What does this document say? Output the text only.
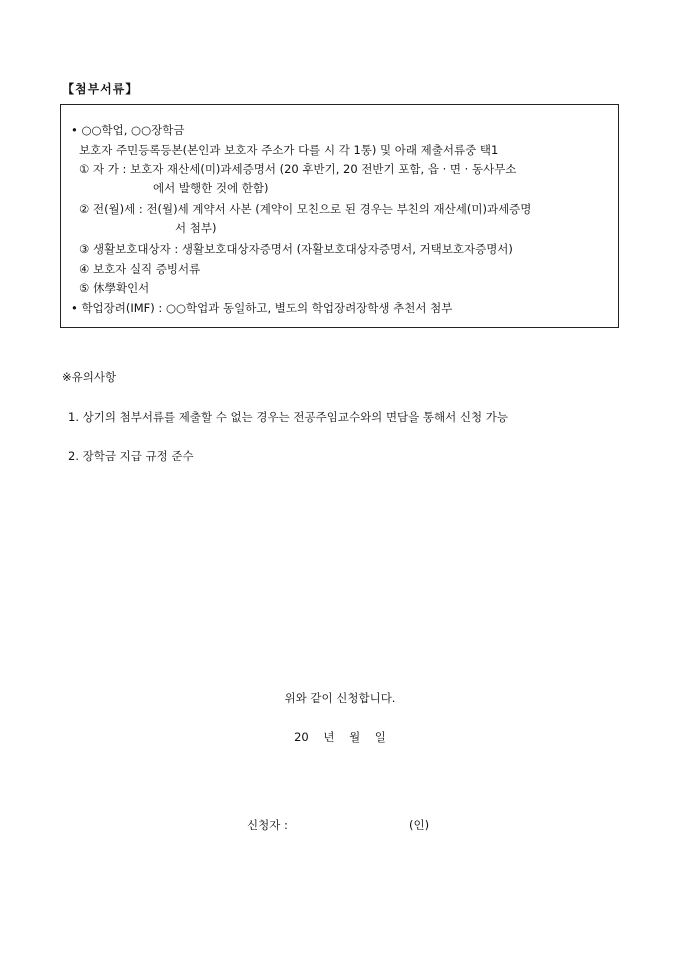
【첨부서류】
• ○○학업, ○○장학금
보호자 주민등록등본(본인과 보호자 주소가 다를 시 각 1통) 및 아래 제출서류중 택1
① 자 가 : 보호자 재산세(미)과세증명서 (20 후반기, 20 전반기 포함, 읍 · 면 · 동사무소
에서 발행한 것에 한함)
② 전(월)세 : 전(월)세 계약서 사본 (계약이 모친으로 된 경우는 부친의 재산세(미)과세증명
서 첨부)
③ 생활보호대상자 : 생활보호대상자증명서 (자활보호대상자증명서, 거택보호자증명서)
④ 보호자 실직 증빙서류
⑤ 休學확인서
• 학업장려(IMF) : ○○학업과 동일하고, 별도의 학업장려장학생 추천서 첨부
※유의사항
1. 상기의 첨부서류를 제출할 수 없는 경우는 전공주임교수와의 면담을 통해서 신청 가능
2. 장학금 지급 규정 준수
위와 같이 신청합니다.
20    년    월    일
신청자 :	(인)
